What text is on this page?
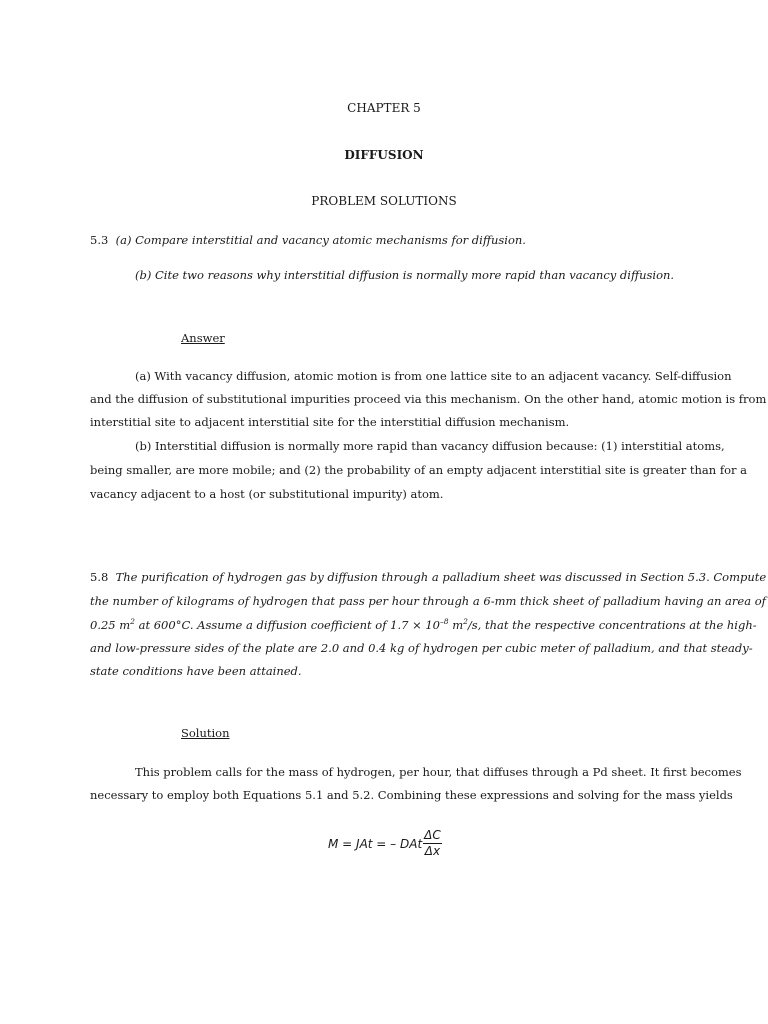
CHAPTER 5
DIFFUSION
PROBLEM SOLUTIONS
5.3 (a) Compare interstitial and vacancy atomic mechanisms for diffusion.
(b) Cite two reasons why interstitial diffusion is normally more rapid than vacancy diffusion.
Answer
(a) With vacancy diffusion, atomic motion is from one lattice site to an adjacent vacancy. Self-diffusion
and the diffusion of substitutional impurities proceed via this mechanism. On the other hand, atomic motion is from
interstitial site to adjacent interstitial site for the interstitial diffusion mechanism.
(b) Interstitial diffusion is normally more rapid than vacancy diffusion because: (1) interstitial atoms,
being smaller, are more mobile; and (2) the probability of an empty adjacent interstitial site is greater than for a
vacancy adjacent to a host (or substitutional impurity) atom.
5.8 The purification of hydrogen gas by diffusion through a palladium sheet was discussed in Section 5.3. Compute
the number of kilograms of hydrogen that pass per hour through a 6-mm thick sheet of palladium having an area of
0.25 $m^2$ at 600°C. Assume a diffusion coefficient of $1.7 \times 10^{-8}$ $m^2/s$, that the respective concentrations at the high-
and low-pressure sides of the plate are 2.0 and 0.4 kg of hydrogen per cubic meter of palladium, and that steady-
state conditions have been attained.
Solution
This problem calls for the mass of hydrogen, per hour, that diffuses through a Pd sheet. It first becomes
necessary to employ both Equations 5.1 and 5.2. Combining these expressions and solving for the mass yields
M = JAt = – DAt $\frac{\Delta C}{\Delta x}$
